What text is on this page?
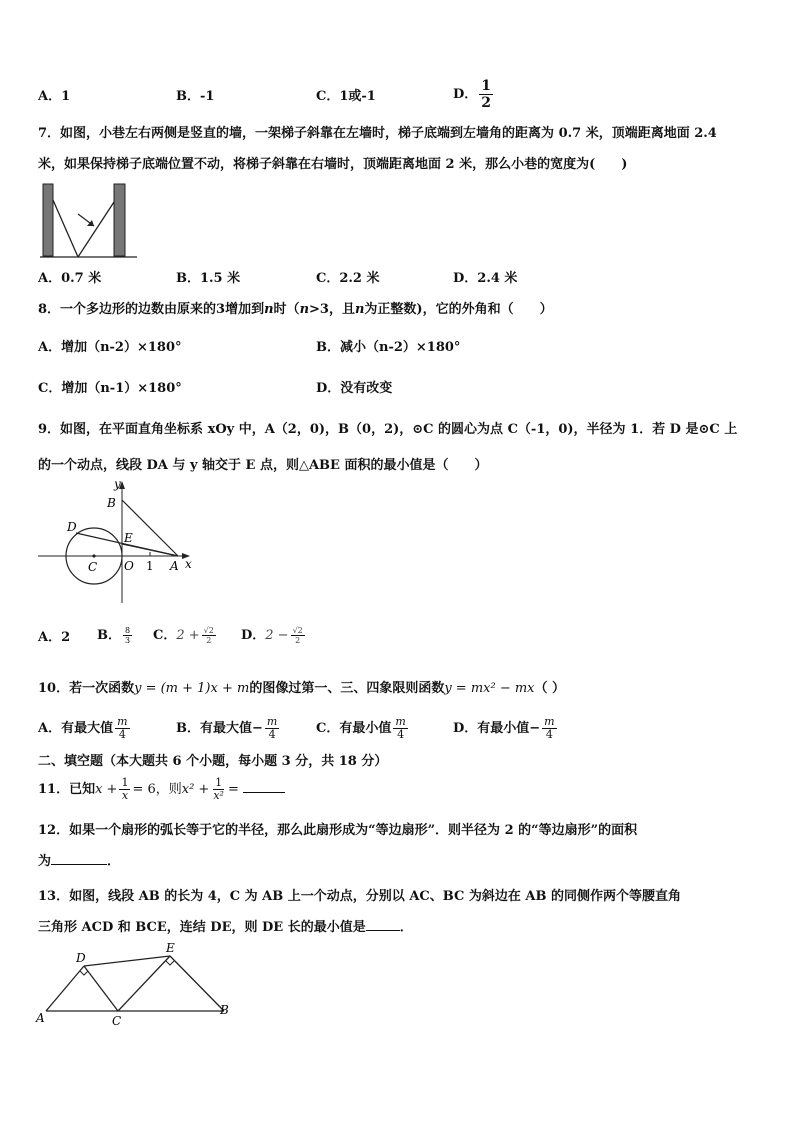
A．1	B．-1	C．1或-1	D． $\frac{1}{2}$
7．如图，小巷左右两侧是竖直的墙，一架梯子斜靠在左墙时，梯子底端到左墙角的距离为 0.7 米，顶端距离地面 2.4
米，如果保持梯子底端位置不动，将梯子斜靠在右墙时，顶端距离地面 2 米，那么小巷的宽度为(　　)
A．0.7 米	B．1.5 米	C．2.2 米	D．2.4 米
8．一个多边形的边数由原来的3增加到n时（n>3，且n为正整数)，它的外角和（　　）
A．增加（n-2）×180°	B．减小（n-2）×180°
C．增加（n-1）×180°	D．没有改变
9．如图，在平面直角坐标系 xOy 中，A（2，0)，B（0，2)，⊙C 的圆心为点 C（-1，0)，半径为 1．若 D 是⊙C 上
的一个动点，线段 DA 与 y 轴交于 E 点，则△ABE 面积的最小值是（　　）
y
B
D
E
C O 1 A x
A．2 B． $\frac{8}{3}$ C．$2 + \frac{√2}{2}$ D．$2 - \frac{√2}{2}$
10．若一次函数y = (m + 1)x + m的图像过第一、三、四象限则函数y = mx² − mx（ ）
A．有最大值 $\frac{m}{4}$	B．有最大值− $\frac{m}{4}$	C．有最小值 $\frac{m}{4}$	D．有最小值− $\frac{m}{4}$
二、填空题（本大题共 6 个小题，每小题 3 分，共 18 分）
11．已知$x + \frac{1}{x} = 6$，则$x^2 + \frac{1}{\text{x²}}$ =
12．如果一个扇形的弧长等于它的半径，那么此扇形成为“等边扇形”．则半径为 2 的“等边扇形”的面积
为	．
13．如图，线段 AB 的长为 4，C 为 AB 上一个动点，分别以 AC、BC 为斜边在 AB 的同侧作两个等腰直角
三角形 ACD 和 BCE，连结 DE，则 DE 长的最小值是	．
A
B
C
D
E
